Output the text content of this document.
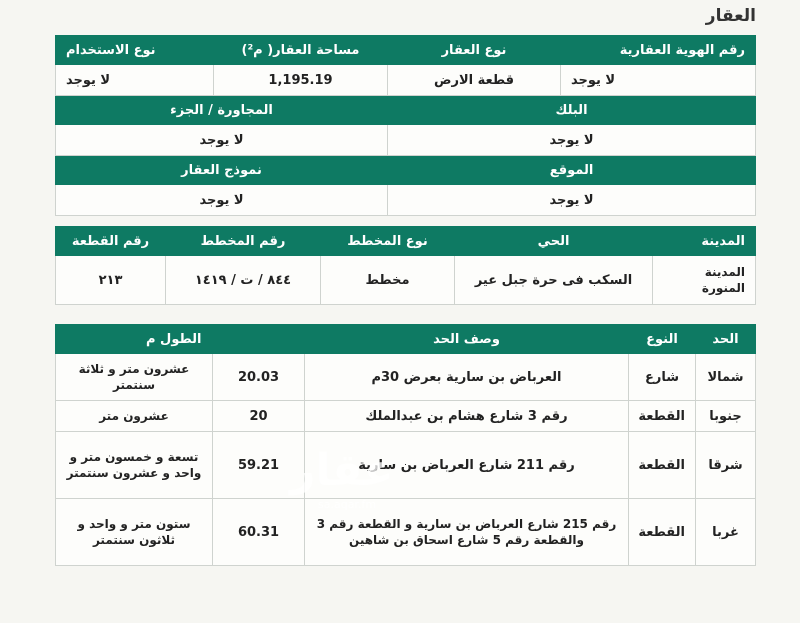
العقار
رقم الهوية العقارية	نوع العقار	مساحة العقار( م²)	نوع الاستخدام
لا يوجد	قطعة الارض	1,195.19	لا يوجد
البلك		المجاورة / الجزء	
لا يوجد		لا يوجد	
الموقع		نموذج العقار	
لا يوجد		لا يوجد	
المدينة	الحي	نوع المخطط	رقم المخطط	رقم القطعة
المدينة المنورة	السكب فى حرة جبل عير	مخطط	٨٤٤ / ت / ١٤١٩	٢١٣
الحد	النوع	وصف الحد	الطول م	
شمالا	شارع	العرباض بن سارية بعرض 30م	20.03	عشرون متر و ثلاثة سنتمتر
جنوبا	القطعة	رقم 3 شارع هشام بن عبدالملك	20	عشرون متر
شرقا	القطعة	رقم 211 شارع العرباض بن سارية	59.21	تسعة و خمسون متر و واحد و عشرون سنتمتر
غربا	القطعة	رقم 215 شارع العرباض بن سارية و القطعة رقم 3 والقطعة رقم 5 شارع اسحاق بن شاهين	60.31	ستون متر و واحد و ثلاثون سنتمتر
عقار
sa.aqar.fm
